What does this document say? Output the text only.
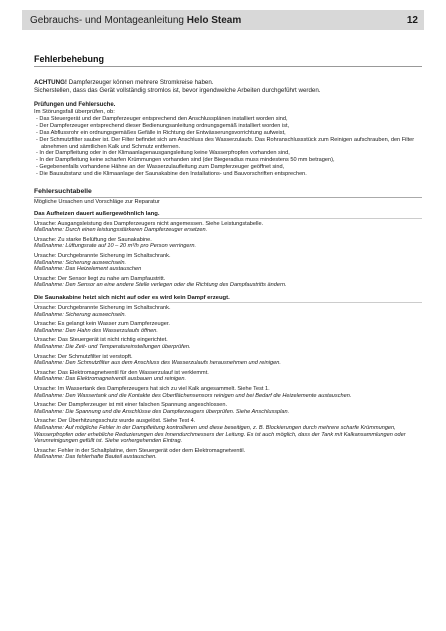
Gebrauchs- und Montageanleitung Helo Steam	12
Fehlerbehebung

ACHTUNG! Dampferzeuger können mehrere Stromkreise haben.

Sicherstellen, dass das Gerät vollständig stromlos ist, bevor irgendwelche Arbeiten durchgeführt werden.

Prüfungen und Fehlersuche.

Im Störungsfall überprüfen, ob:

- Das Steuergerät und der Dampferzeuger entsprechend den Anschlussplänen installiert worden sind,
- Der Dampferzeuger entsprechend dieser Bedienungsanleitung ordnungsgemäß installiert worden ist,
- Das Abflussrohr ein ordnungsgemäßes Gefälle in Richtung der Entwässerungsvorrichtung aufweist,
- Der Schmutzfilter sauber ist. Der Filter befindet sich am Anschluss des Wasserzulaufs. Das Rohranschlussstück zum Reinigen aufschrauben, den Filter abnehmen und sämtlichen Kalk und Schmutz entfernen.
- In der Dampfleitung oder in der Klimaanlagenausgangsleitung keine Wasserpfropfen vorhanden sind,
- In der Dampfleitung keine scharfen Krümmungen vorhanden sind (der Biegeradius muss mindestens 50 mm betragen),
- Gegebenenfalls vorhandene Hähne an der Wasserzulaufleitung zum Dampferzeuger geöffnet sind,
- Die Bausubstanz und die Klimaanlage der Saunakabine den Installations- und Bauvorschriften entsprechen.
Fehlersuchtabelle
Mögliche Ursachen und Vorschläge zur Reparatur
Das Aufheizen dauert außergewöhnlich lang.
Ursache: Ausgangsleistung des Dampferzeugers nicht angemessen. Siehe Leistungstabelle.
Maßnahme: Durch einen leistungsstärkeren Dampferzeuger ersetzen.
Ursache: Zu starke Belüftung der Saunakabine.
Maßnahme: Lüftungsrate auf 10 – 20 m³/h pro Person verringern.
Ursache: Durchgebrannte Sicherung im Schaltschrank.
Maßnahme: Sicherung auswechseln.
Maßnahme: Das Heizelement austauschen
Ursache: Der Sensor liegt zu nahe am Dampfaustritt.
Maßnahme: Den Sensor an eine andere Stelle verlegen oder die Richtung des Dampfaustritts ändern.
Die Saunakabine heizt sich nicht auf oder es wird kein Dampf erzeugt.
Ursache: Durchgebrannte Sicherung im Schaltschrank.
Maßnahme: Sicherung auswechseln.
Ursache: Es gelangt kein Wasser zum Dampferzeuger.
Maßnahme: Den Hahn des Wasserzulaufs öffnen.
Ursache: Das Steuergerät ist nicht richtig eingerichtet.
Maßnahme: Die Zeit- und Temperatureinstellungen überprüfen.
Ursache: Der Schmutzfilter ist verstopft.
Maßnahme: Den Schmutzfilter aus dem Anschluss des Wasserzulaufs herausnehmen und reinigen.
Ursache: Das Elektromagnetventil für den Wasserzulauf ist verklemmt.
Maßnahme: Das Elektromagnetventil ausbauen und reinigen.
Ursache: Im Wassertank des Dampferzeugers hat sich zu viel Kalk angesammelt. Siehe Test 1.
Maßnahme: Den Wassertank und die Kontakte des Oberflächensensors reinigen und bei Bedarf die Heizelemente austauschen.
Ursache: Der Dampferzeuger ist mit einer falschen Spannung angeschlossen.
Maßnahme: Die Spannung und die Anschlüsse des Dampferzeugers überprüfen. Siehe Anschlussplan.
Ursache: Der Überhitzungsschutz wurde ausgelöst. Siehe Test 4.
Maßnahme: Auf mögliche Fehler in der Dampfleitung kontrollieren und diese beseitigen, z. B. Blockierungen durch mehrere scharfe Krümmungen, Wasserpfropfen oder erhebliche Reduzierungen des Innendurchmessers der Leitung. Es ist auch möglich, dass der Tank mit Kalkansammlungen oder Verunreinigungen gefüllt ist. Siehe vorhergehenden Eintrag.
Ursache: Fehler in der Schaltplatine, dem Steuergerät oder dem Elektromagnetventil.
Maßnahme: Das fehlerhafte Bauteil austauschen.
